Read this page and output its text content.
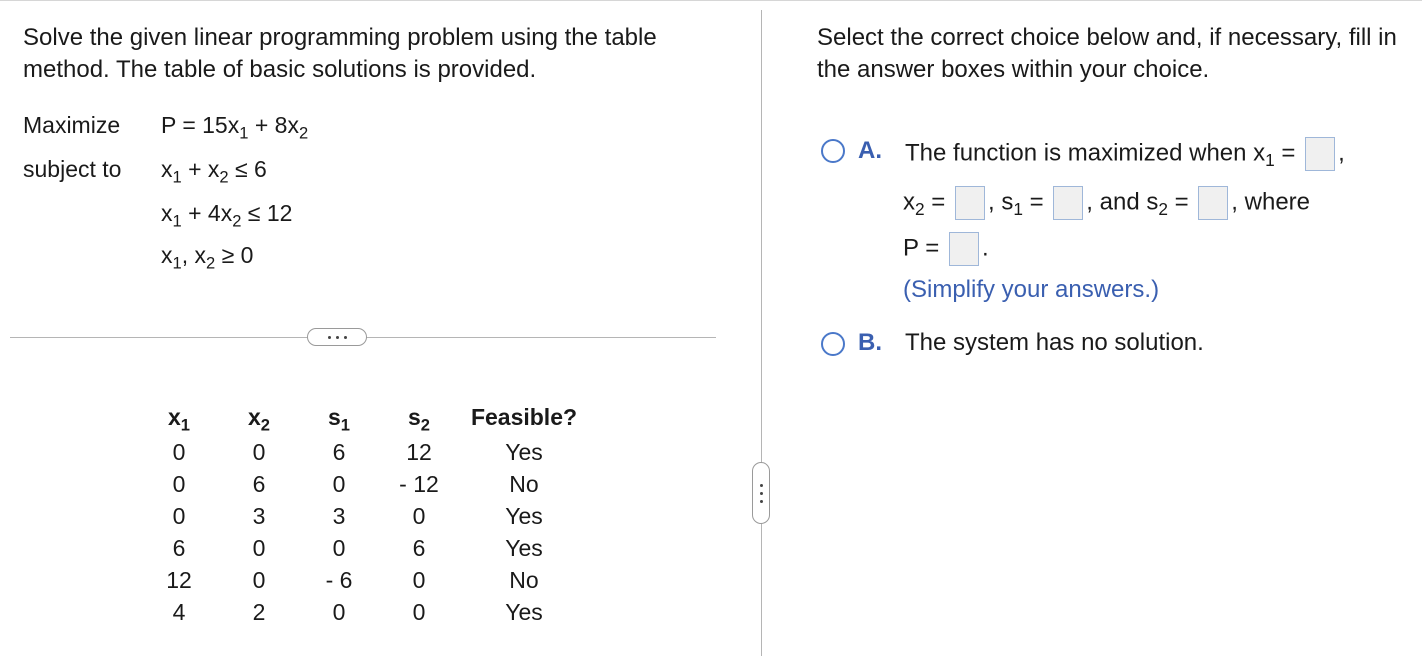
Solve the given linear programming problem using the table method. The table of basic solutions is provided.
Maximize $P = 15x_1 + 8x_2$
subject to $x_1 + x_2 \le 6$
$x_1 + 4x_2 \le 12$
$x_1$, $x_2 \ge 0$
$x_1$	$x_2$	$s_1$	$s_2$	Feasible?
0	0	6	12	Yes
0	6	0	- 12	No
0	3	3	0	Yes
6	0	0	6	Yes
12	0	- 6	0	No
4	2	0	0	Yes
Select the correct choice below and, if necessary, fill in the answer boxes within your choice.
A. The function is maximized when $x_1$ = ,
$x_2$ = , $s_1$ = , and $s_2$ = , where
P = .
(Simplify your answers.)
B. The system has no solution.
